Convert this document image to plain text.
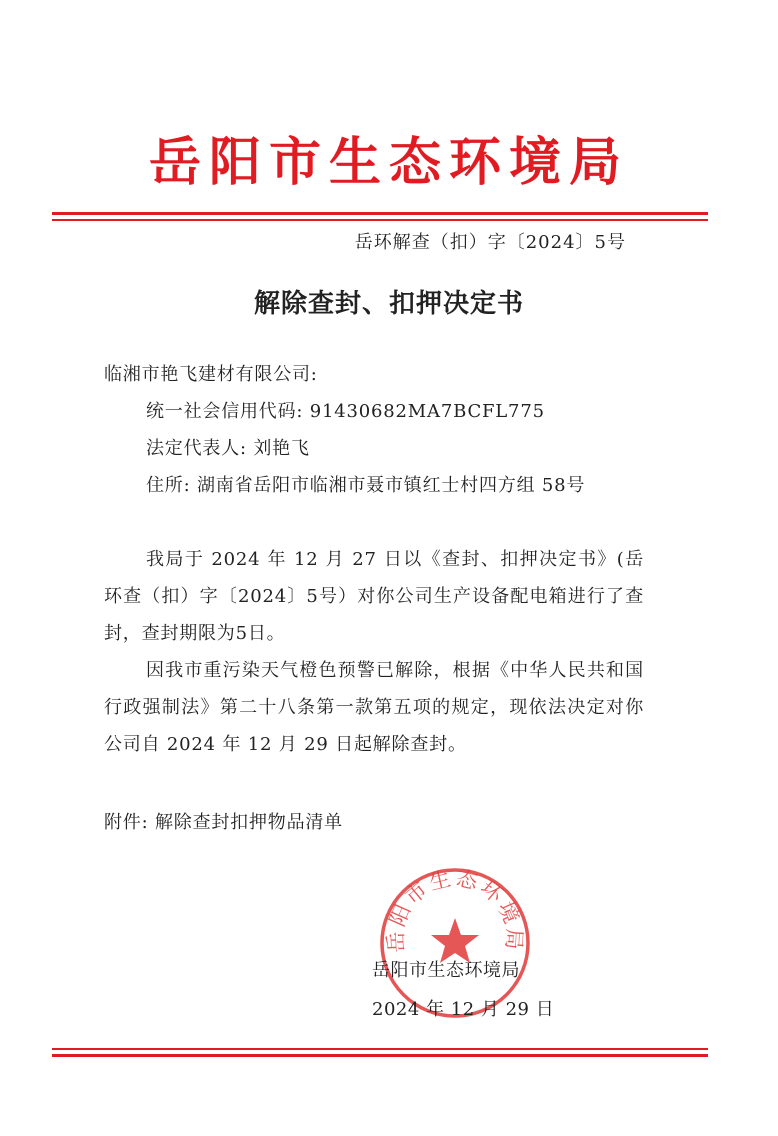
岳阳市生态环境局
岳环解查（扣）字〔2024〕5号
解除查封、扣押决定书
临湘市艳飞建材有限公司:
统一社会信用代码: 91430682MA7BCFL775
法定代表人: 刘艳飞
住所: 湖南省岳阳市临湘市聂市镇红士村四方组 58号
我局于 2024 年 12 月 27 日以《查封、扣押决定书》(岳环查（扣）字〔2024〕5号）对你公司生产设备配电箱进行了查封，查封期限为5日。
因我市重污染天气橙色预警已解除，根据《中华人民共和国行政强制法》第二十八条第一款第五项的规定，现依法决定对你公司自 2024 年 12 月 29 日起解除查封。
附件: 解除查封扣押物品清单
岳阳市生态环境局
岳阳市生态环境局
2024 年 12 月 29 日
